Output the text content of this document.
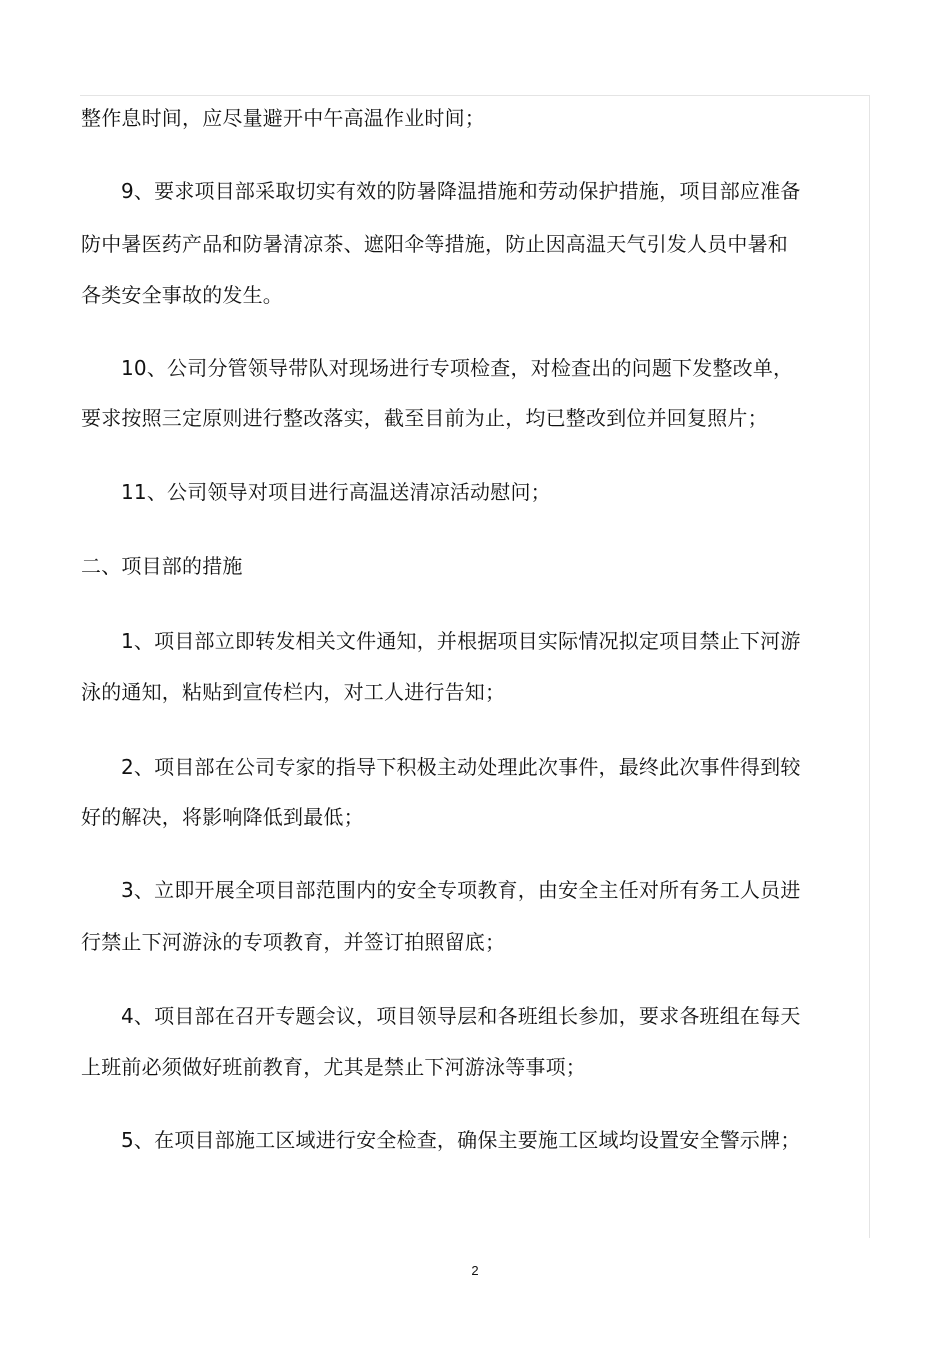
整作息时间，应尽量避开中午高温作业时间；
9、要求项目部采取切实有效的防暑降温措施和劳动保护措施，项目部应准备
防中暑医药产品和防暑清凉茶、遮阳伞等措施，防止因高温天气引发人员中暑和
各类安全事故的发生。
10、公司分管领导带队对现场进行专项检查，对检查出的问题下发整改单，
要求按照三定原则进行整改落实，截至目前为止，均已整改到位并回复照片；
11、公司领导对项目进行高温送清凉活动慰问；
二、项目部的措施
1、项目部立即转发相关文件通知，并根据项目实际情况拟定项目禁止下河游
泳的通知，粘贴到宣传栏内，对工人进行告知；
2、项目部在公司专家的指导下积极主动处理此次事件，最终此次事件得到较
好的解决，将影响降低到最低；
3、立即开展全项目部范围内的安全专项教育，由安全主任对所有务工人员进
行禁止下河游泳的专项教育，并签订拍照留底；
4、项目部在召开专题会议，项目领导层和各班组长参加，要求各班组在每天
上班前必须做好班前教育，尤其是禁止下河游泳等事项；
5、在项目部施工区域进行安全检查，确保主要施工区域均设置安全警示牌；
2
